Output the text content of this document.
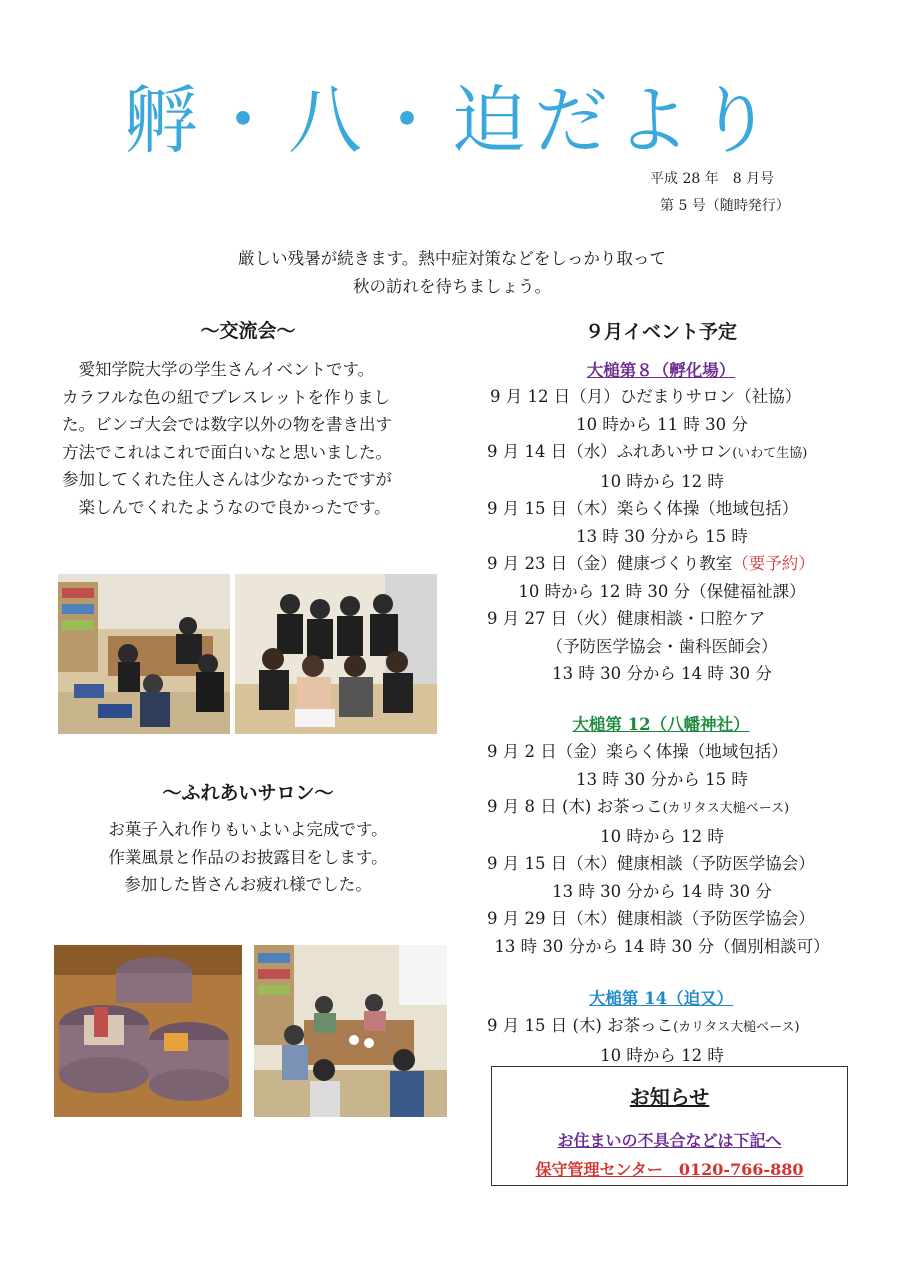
孵・八・迫だより
平成 28 年　8 月号
第 5 号（随時発行）
厳しい残暑が続きます。熱中症対策などをしっかり取って
秋の訪れを待ちましょう。
～交流会～
　愛知学院大学の学生さんイベントです。
カラフルな色の紐でブレスレットを作りまし
た。ビンゴ大会では数字以外の物を書き出す
方法でこれはこれで面白いなと思いました。
参加してくれた住人さんは少なかったですが
　楽しんでくれたようなので良かったです。
～ふれあいサロン～
お菓子入れ作りもいよいよ完成です。
作業風景と作品のお披露目をします。
参加した皆さんお疲れ様でした。
９月イベント予定
大槌第８（孵化場）
9 月 12 日（月）ひだまりサロン（社協）
10 時から 11 時 30 分
9 月 14 日（水）ふれあいサロン(いわて生協)
10 時から 12 時
9 月 15 日（木）楽らく体操（地域包括）
13 時 30 分から 15 時
9 月 23 日（金）健康づくり教室（要予約）
10 時から 12 時 30 分（保健福祉課）
9 月 27 日（火）健康相談・口腔ケア
（予防医学協会・歯科医師会）
13 時 30 分から 14 時 30 分
大槌第 12（八幡神社）
9 月 2 日（金）楽らく体操（地域包括）
13 時 30 分から 15 時
9 月 8 日 (木) お茶っこ(カリタス大槌ベース)
10 時から 12 時
9 月 15 日（木）健康相談（予防医学協会）
13 時 30 分から 14 時 30 分
9 月 29 日（木）健康相談（予防医学協会）
13 時 30 分から 14 時 30 分（個別相談可）
大槌第 14（迫又）
9 月 15 日 (木) お茶っこ(カリタス大槌ベース)
10 時から 12 時
お知らせ
お住まいの不具合などは下記へ
保守管理センター　0120-766-880
